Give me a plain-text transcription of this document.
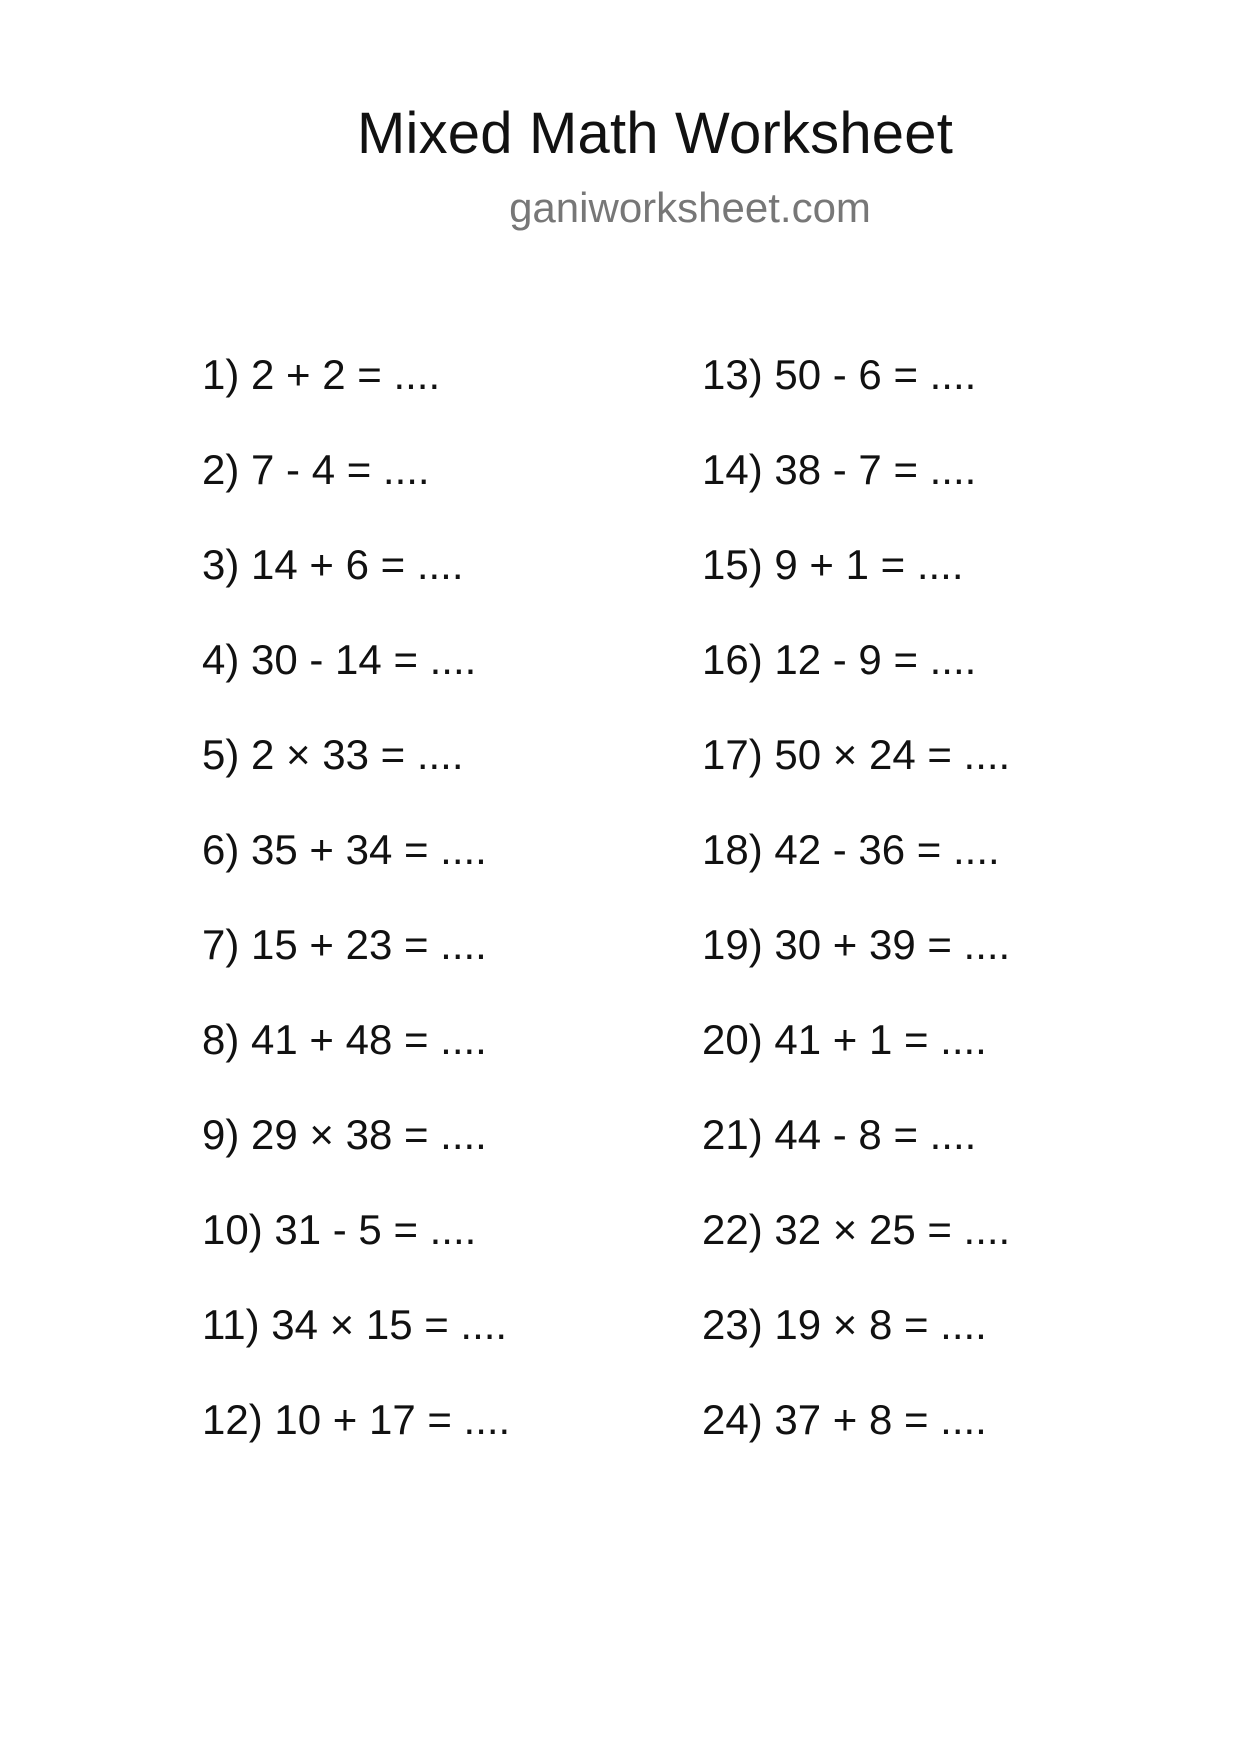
Mixed Math Worksheet
ganiworksheet.com
1) 2 + 2 = ....
2) 7 - 4 = ....
3) 14 + 6 = ....
4) 30 - 14 = ....
5) 2 × 33 = ....
6) 35 + 34 = ....
7) 15 + 23 = ....
8) 41 + 48 = ....
9) 29 × 38 = ....
10) 31 - 5 = ....
11) 34 × 15 = ....
12) 10 + 17 = ....
13) 50 - 6 = ....
14) 38 - 7 = ....
15) 9 + 1 = ....
16) 12 - 9 = ....
17) 50 × 24 = ....
18) 42 - 36 = ....
19) 30 + 39 = ....
20) 41 + 1 = ....
21) 44 - 8 = ....
22) 32 × 25 = ....
23) 19 × 8 = ....
24) 37 + 8 = ....
